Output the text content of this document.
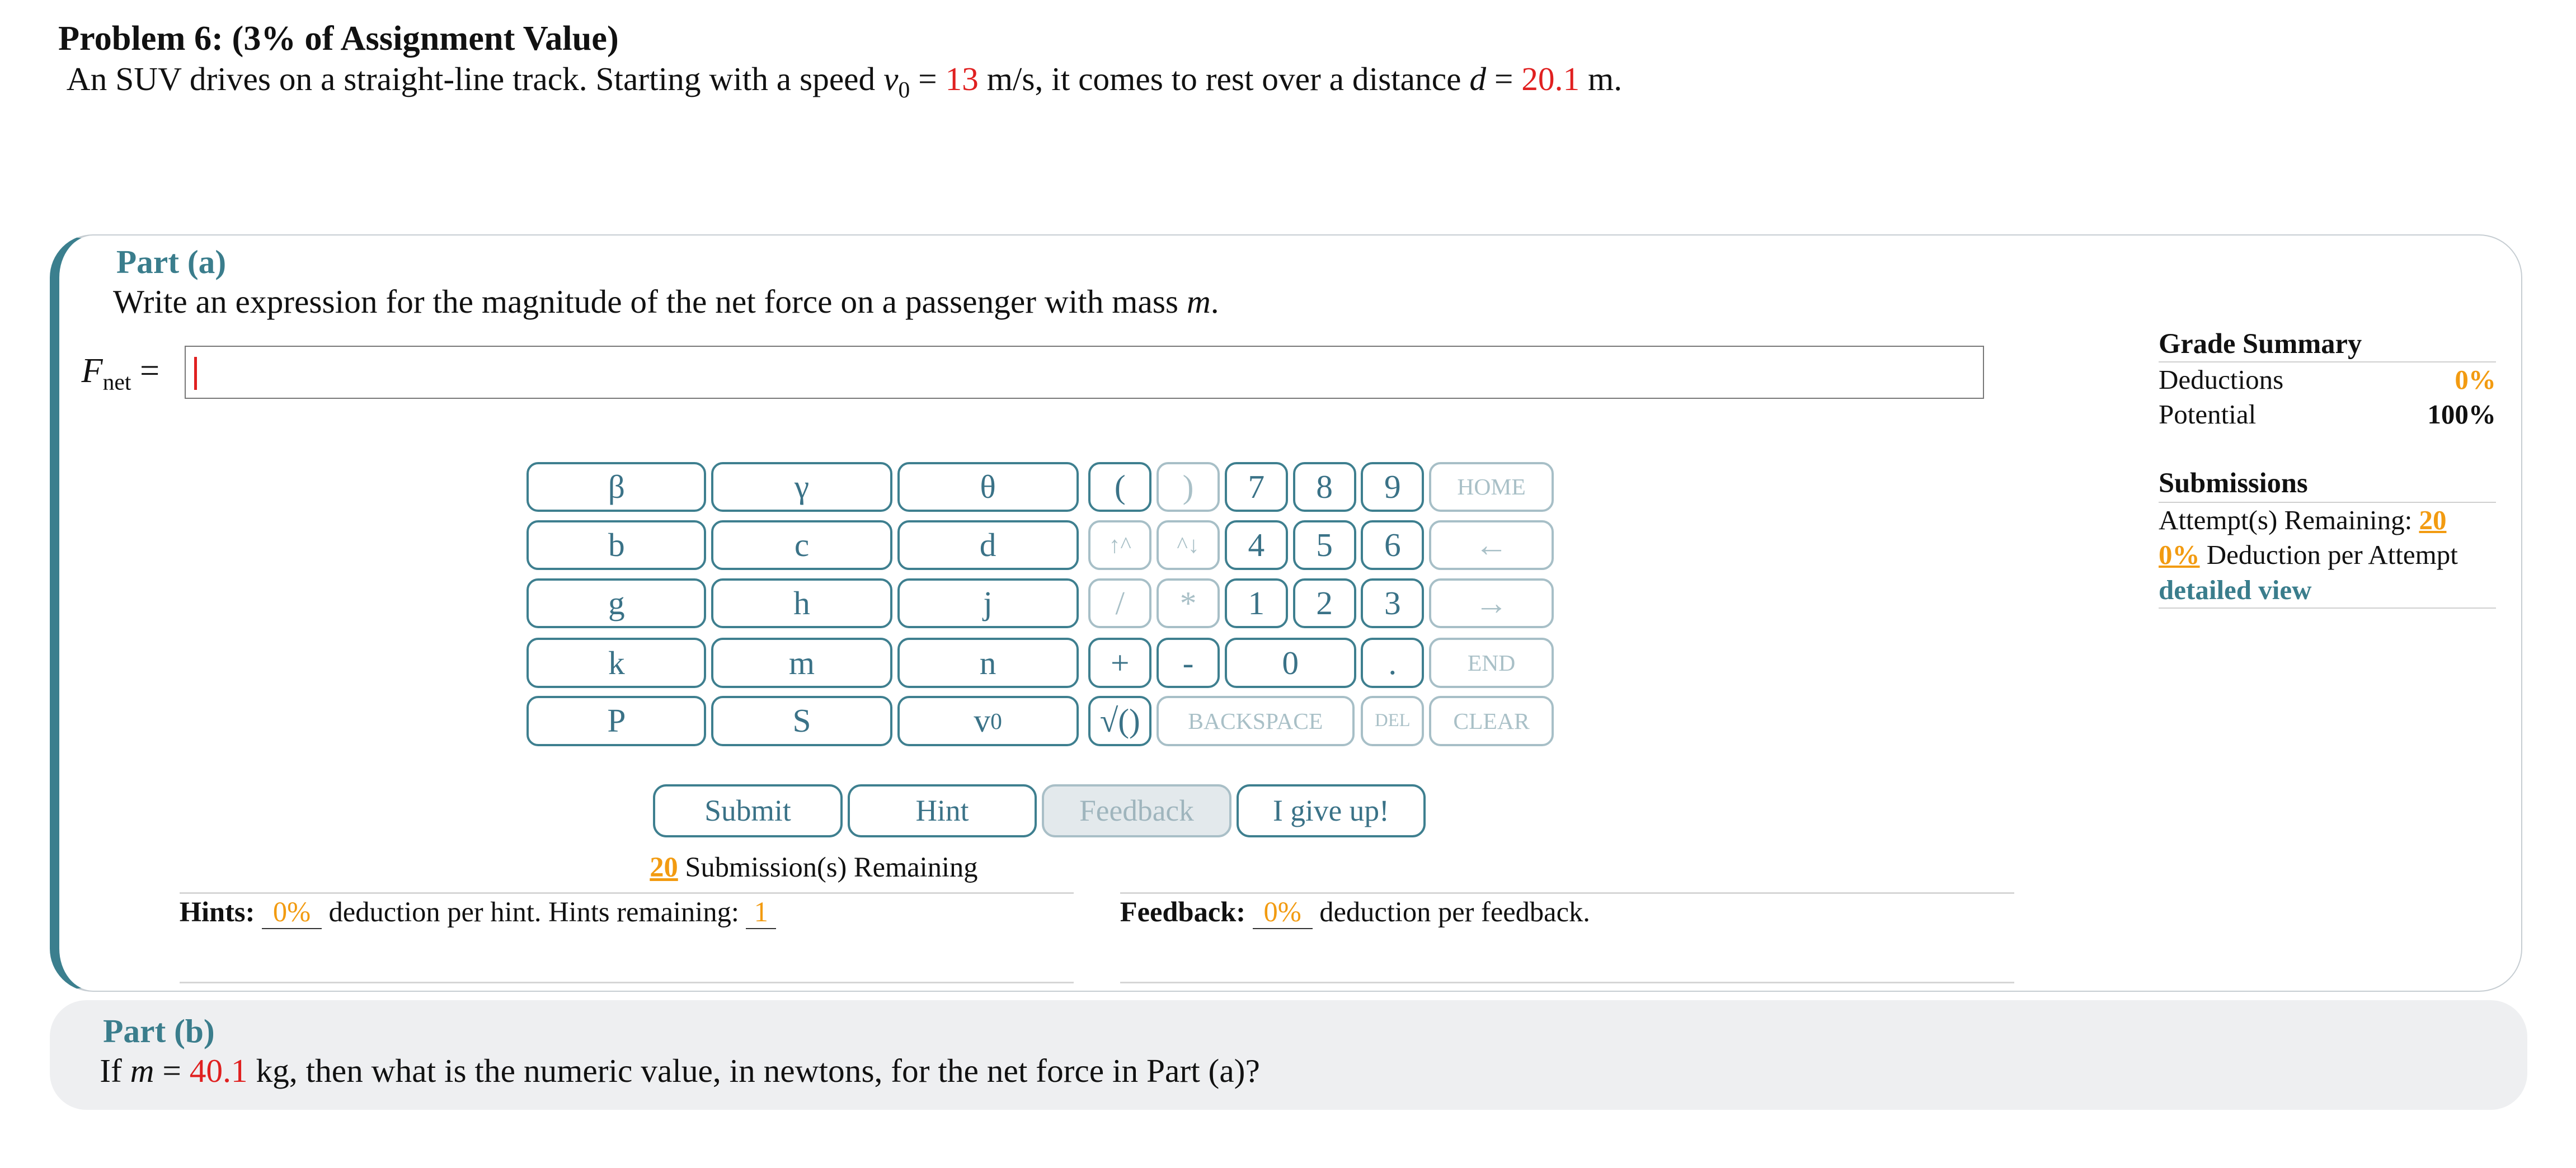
Problem 6: (3% of Assignment Value)
An SUV drives on a straight-line track. Starting with a speed $v_0 = 13$ m/s, it comes to rest over a distance d = 20.1 m.
Part (a)
Write an expression for the magnitude of the net force on a passenger with mass m.
$F_{net}$ =
β	γ	θ
b	c	d
g	h	j
k	m	n
P	S	v 0
(	)
↑^	^↓
/	*
+	-
√()
7	8	9
4	5	6
1	2	3
0	.
HOME
←
→
END
BACKSPACE	DEL	CLEAR
Submit	Hint	Feedback	I give up!
20 Submission(s) Remaining
Hints: 0% deduction per hint. Hints remaining: 1	Feedback: 0% deduction per feedback.
Grade Summary
Deductions	0%
Potential	100%
Submissions
Attempt(s) Remaining: 20
0% Deduction per Attempt
detailed view
Part (b)
If m = 40.1 kg, then what is the numeric value, in newtons, for the net force in Part (a)?
